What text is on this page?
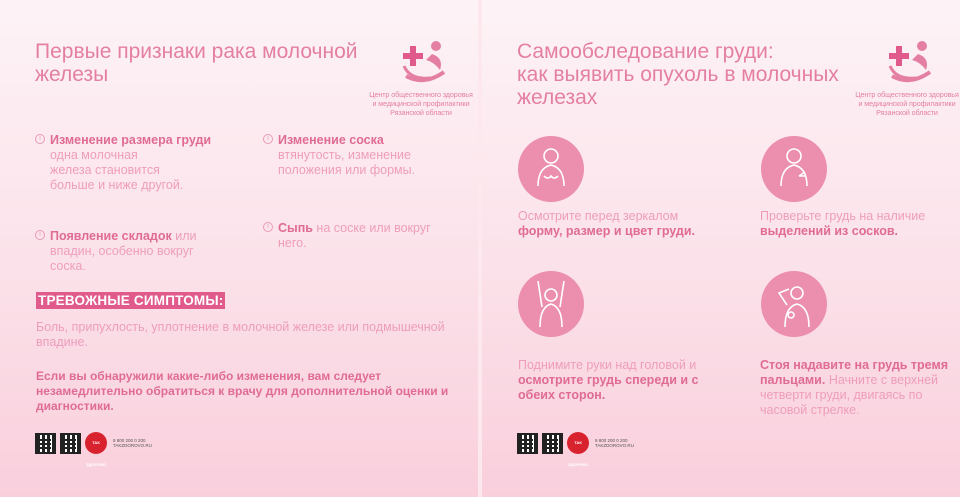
Первые признаки рака молочной
железы
Центр общественного здоровья
и медицинской профилактики
Рязанской области
i Изменение размера груди
одна молочная
железа становится
больше и ниже другой.
i Изменение соска
втянутость, изменение
положения или формы.
i Появление складок или
впадин, особенно вокруг
соска.
i Сыпь на соске или вокруг
него.
ТРЕВОЖНЫЕ СИМПТОМЫ:
Боль, припухлость, уплотнение в молочной железе или подмышечной
впадине.
Если вы обнаружили какие-либо изменения, вам следует
незамедлительно обратиться к врачу для дополнительной оценки и
диагностики.
ТАК ЗДОРОВО
8 800 200 0 200
TAKZDOROVO.RU
Самообследование груди:
как выявить опухоль в молочных
железах	Центр общественного здоровья
и медицинской профилактики
Рязанской области
Осмотрите перед зеркалом
форму, размер и цвет груди.
Проверьте грудь на наличие
выделений из сосков.
Поднимите руки над головой и
осмотрите грудь спереди и с обеих сторон.
Стоя надавите на грудь тремя пальцами. Начните с верхней четверти груди, двигаясь по часовой стрелке.
ТАК ЗДОРОВО
8 800 200 0 200
TAKZDOROVO.RU
